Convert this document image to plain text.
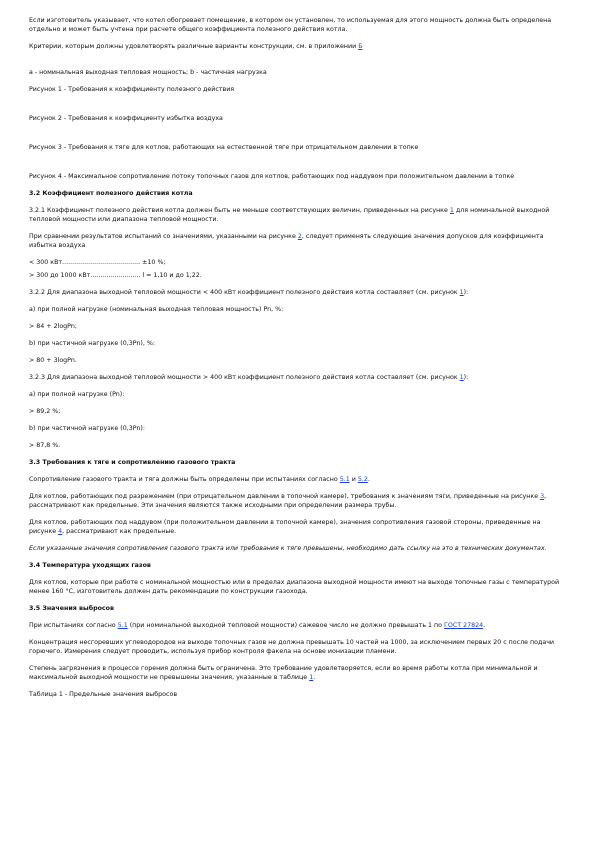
Если изготовитель указывает, что котел обогревает помещение, в котором он установлен, то используемая для этого мощность должна быть определена отдельно и может быть учтена при расчете общего коэффициента полезного действия котла.

Критерии, которым должны удовлетворять различные варианты конструкции, см. в приложении Б

a - номинальная выходная тепловая мощность; b - частичная нагрузка

Рисунок 1 - Требования к коэффициенту полезного действия

Рисунок 2 - Требования к коэффициенту избытка воздуха

Рисунок 3 - Требования к тяге для котлов, работающих на естественной тяге при отрицательном давлении в топке

Рисунок 4 - Максимальное сопротивление потоку топочных газов для котлов, работающих под наддувом при положительном давлении в топке

3.2 Коэффициент полезного действия котла

3.2.1 Коэффициент полезного действия котла должен быть не меньше соответствующих величин, приведенных на рисунке 1 для номинальной выходной тепловой мощности или диапазона тепловой мощности.

При сравнении результатов испытаний со значениями, указанными на рисунке 2, следует применять следующие значения допусков для коэффициента избытка воздуха

< 300 кВт....................................... ±10 %;

> 300 до 1000 кВт......................... l = 1,10 и до 1,22.

3.2.2 Для диапазона выходной тепловой мощности < 400 кВт коэффициент полезного действия котла составляет (см. рисунок 1):

а) при полной нагрузке (номинальная выходная тепловая мощность) Pn, %:

> 84 + 2logPn;

b) при частичной нагрузке (0,3Pn), %:

> 80 + 3logPn.

3.2.3 Для диапазона выходной тепловой мощности > 400 кВт коэффициент полезного действия котла составляет (см. рисунок 1):

а) при полной нагрузке (Pn):

> 89,2 %;

b) при частичной нагрузке (0,3Pn):

> 87,8 %.

3.3 Требования к тяге и сопротивлению газового тракта

Сопротивление газового тракта и тяга должны быть определены при испытаниях согласно 5.1 и 5.2.

Для котлов, работающих под разрежением (при отрицательном давлении в топочной камере), требования к значениям тяги, приведенные на рисунке 3, рассматривают как предельные. Эти значения являются также исходными при определении размера трубы.

Для котлов, работающих под наддувом (при положительном давлении в топочной камере), значения сопротивления газовой стороны, приведенные на рисунке 4, рассматривают как предельные.

Если указанные значения сопротивления газового тракта или требования к тяге превышены, необходимо дать ссылку на это в технических документах.

3.4 Температура уходящих газов

Для котлов, которые при работе с номинальной мощностью или в пределах диапазона выходной мощности имеют на выходе топочные газы с температурой менее 160 °С, изготовитель должен дать рекомендации по конструкции газохода.

3.5 Значения выбросов

При испытаниях согласно 5.1 (при номинальной выходной тепловой мощности) сажевое число не должно превышать 1 по ГОСТ 27824.

Концентрация несгоревших углеводородов на выходе топочных газов не должна превышать 10 частей на 1000, за исключением первых 20 с после подачи горючего. Измерения следует проводить, используя прибор контроля факела на основе ионизации пламени.

Степень загрязнения в процессе горения должна быть ограничена. Это требование удовлетворяется, если во время работы котла при минимальной и максимальной выходной мощности не превышены значения, указанные в таблице 1.

Таблица 1 - Предельные значения выбросов
